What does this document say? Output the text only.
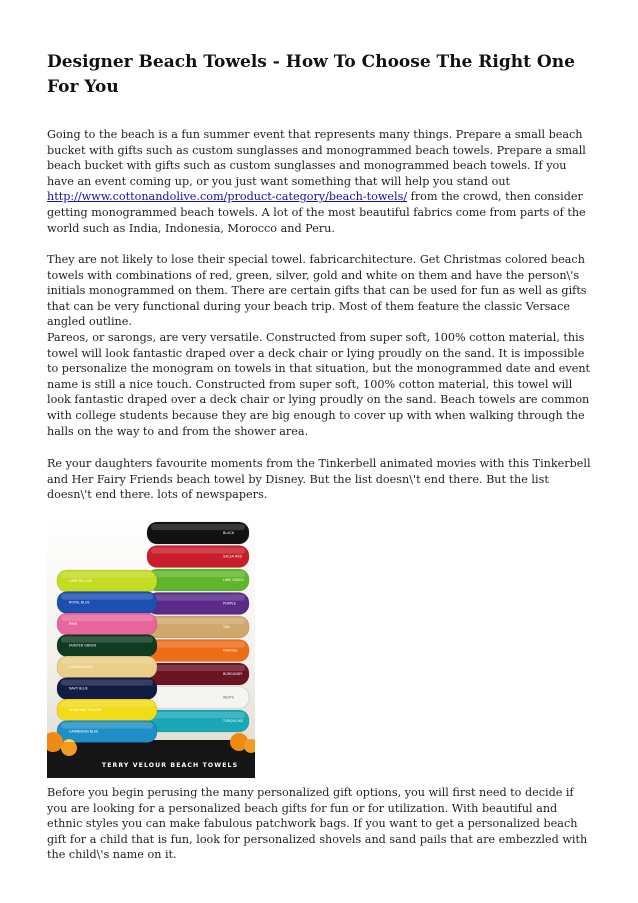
Designer Beach Towels - How To Choose The Right One For You

Going to the beach is a fun summer event that represents many things. Prepare a small beach bucket with gifts such as custom sunglasses and monogrammed beach towels. Prepare a small beach bucket with gifts such as custom sunglasses and monogrammed beach towels. If you have an event coming up, or you just want something that will help you stand out http://www.cottonandolive.com/product-category/beach-towels/ from the crowd, then consider getting monogrammed beach towels. A lot of the most beautiful fabrics come from parts of the world such as India, Indonesia, Morocco and Peru.

They are not likely to lose their special towel. fabricarchitecture. Get Christmas colored beach towels with combinations of red, green, silver, gold and white on them and have the person\'s initials monogrammed on them. There are certain gifts that can be used for fun as well as gifts that can be very functional during your beach trip. Most of them feature the classic Versace angled outline.

Pareos, or sarongs, are very versatile. Constructed from super soft, 100% cotton material, this towel will look fantastic draped over a deck chair or lying proudly on the sand. It is impossible to personalize the monogram on towels in that situation, but the monogrammed date and event name is still a nice touch. Constructed from super soft, 100% cotton material, this towel will look fantastic draped over a deck chair or lying proudly on the sand. Beach towels are common with college students because they are big enough to cover up with when walking through the halls on the way to and from the shower area.

Re your daughters favourite moments from the Tinkerbell animated movies with this Tinkerbell and Her Fairy Friends beach towel by Disney. But the list doesn\'t end there. But the list doesn\'t end there. lots of newspapers.

BLACK
SALSA RED
LIME GREEN
PURPLE
TAN
ORANGE
BURGUNDY
WHITE
TURQUOISE
LIME YELLOW
ROYAL BLUE
PINK
HUNTER GREEN
CANDLELIGHT
NAVY BLUE
SUNSHINE YELLOW
CARIBBEAN BLUE
TERRY VELOUR BEACH TOWELS

Before you begin perusing the many personalized gift options, you will first need to decide if you are looking for a personalized beach gifts for fun or for utilization. With beautiful and ethnic styles you can make fabulous patchwork bags. If you want to get a personalized beach gift for a child that is fun, look for personalized shovels and sand pails that are embezzled with the child\'s name on it.
